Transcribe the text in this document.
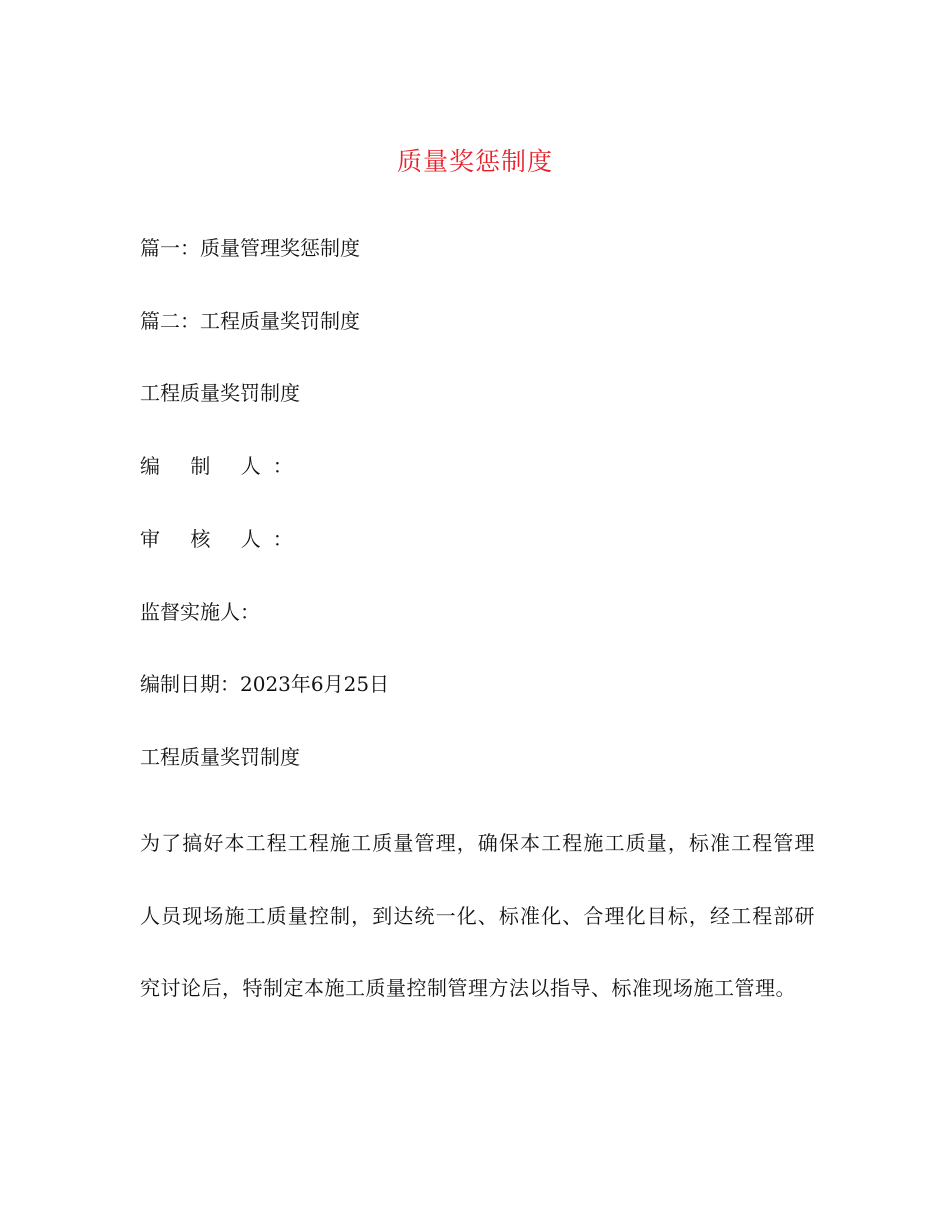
质量奖惩制度
篇一：质量管理奖惩制度
篇二：工程质量奖罚制度
工程质量奖罚制度
编 制 人：
审 核 人：
监督实施人：
编制日期：2023年6月25日
工程质量奖罚制度
为了搞好本工程工程施工质量管理，确保本工程施工质量，标准工程管理人员现场施工质量控制，到达统一化、标准化、合理化目标，经工程部研究讨论后，特制定本施工质量控制管理方法以指导、标准现场施工管理。
